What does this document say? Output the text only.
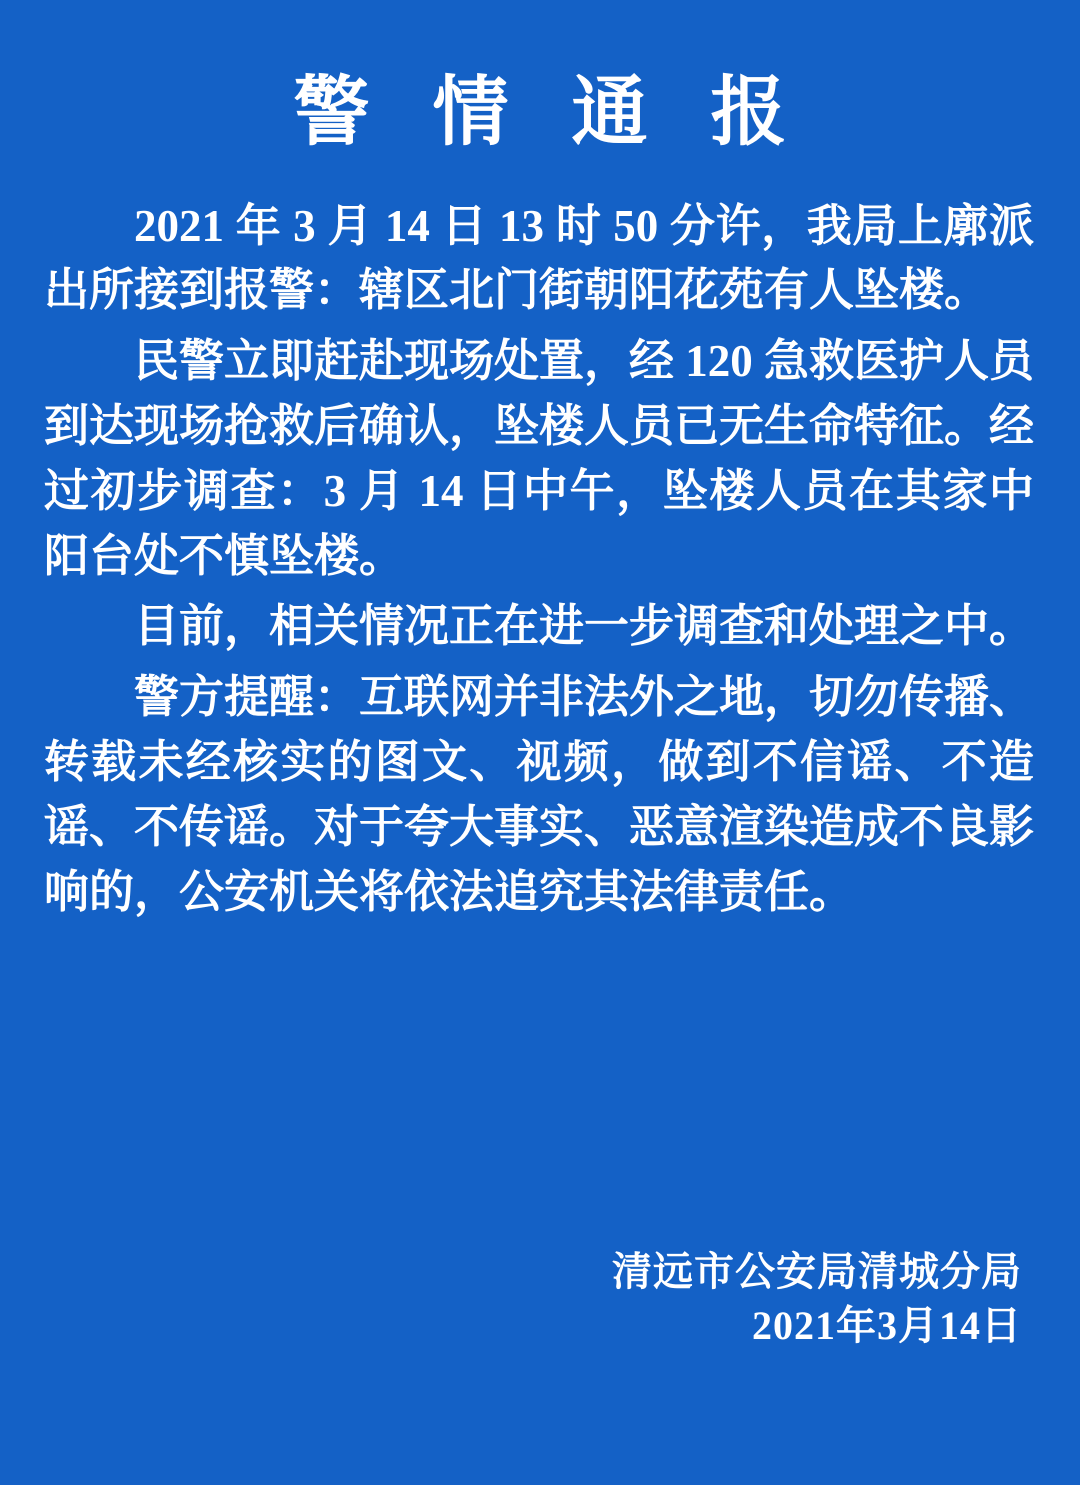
警 情 通 报

2021 年 3 月 14 日 13 时 50 分许，我局上廓派出所接到报警：辖区北门街朝阳花苑有人坠楼。

民警立即赶赴现场处置，经 120 急救医护人员到达现场抢救后确认，坠楼人员已无生命特征。经过初步调查：3 月 14 日中午，坠楼人员在其家中阳台处不慎坠楼。

目前，相关情况正在进一步调查和处理之中。

警方提醒：互联网并非法外之地，切勿传播、转载未经核实的图文、视频，做到不信谣、不造谣、不传谣。对于夸大事实、恶意渲染造成不良影响的，公安机关将依法追究其法律责任。

清远市公安局清城分局
2021年3月14日
